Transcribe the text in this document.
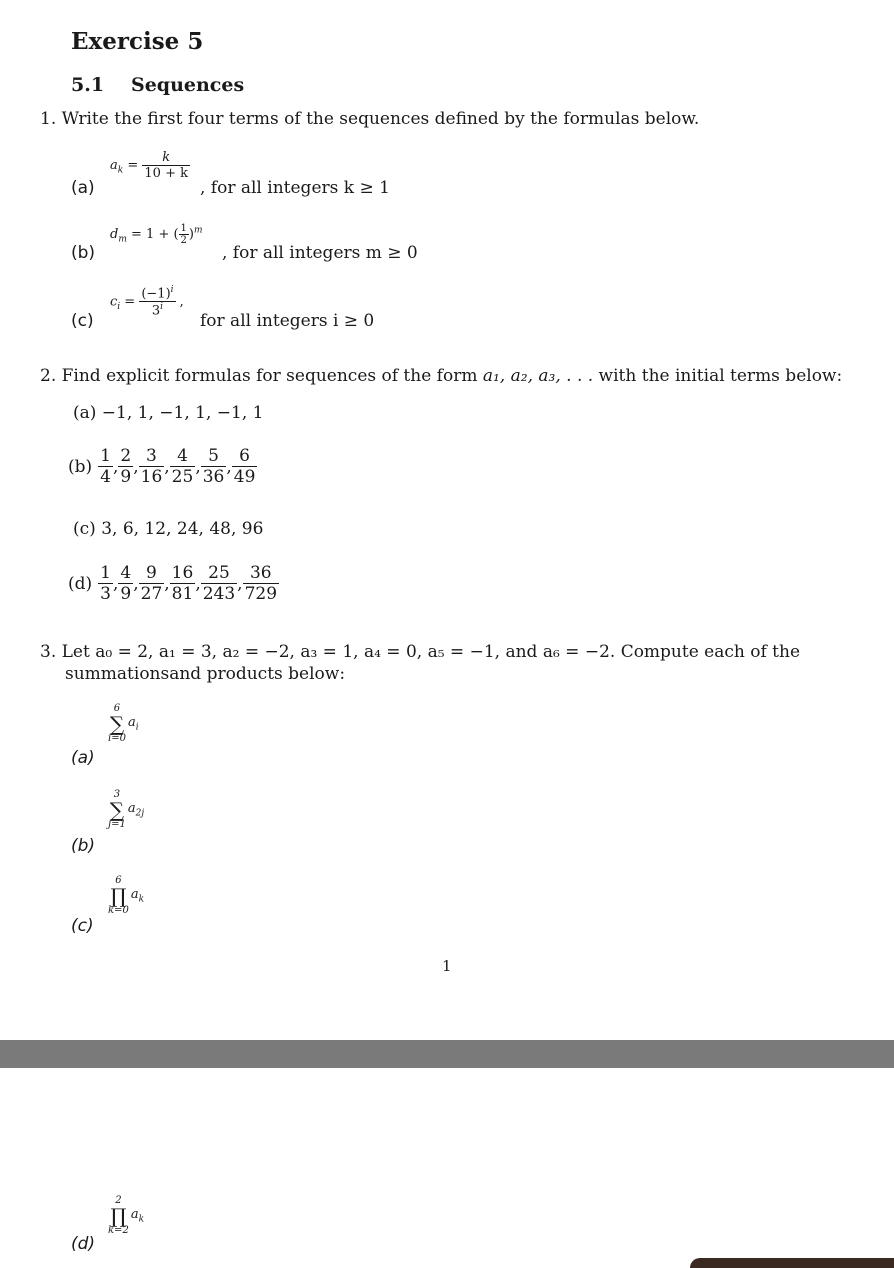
Exercise 5
5.1 Sequences
1. Write the first four terms of the sequences defined by the formulas below.
(a)
$a_k = \frac{k}{10 + k}$
, for all integers k ≥ 1
(b)
$d_m = 1$ + ( $\frac{1}{2} )^m$
, for all integers m ≥ 0
(c)
$c_i = \frac{(-1)^i}{3^i}$ ,
for all integers i ≥ 0
2. Find explicit formulas for sequences of the form a₁, a₂, a₃, . . . with the initial terms below:
(a) −1, 1, −1, 1, −1, 1
$(b) \frac{1}{4}$ , $\frac{2}{9}$ , $\frac{3}{16}$ , $\frac{4}{25}$ , $\frac{5}{36}$ , $\frac{6}{49}$
(c) 3, 6, 12, 24, 48, 96
$(d) \frac{1}{3}$ , $\frac{4}{9}$ , $\frac{9}{27}$ , $\frac{16}{81}$ , $\frac{25}{243}$ , $\frac{36}{729}$
3. Let a₀ = 2, a₁ = 3, a₂ = −2, a₃ = 1, a₄ = 0, a₅ = −1, and a₆ = −2. Compute each of the
summationsand products below:
(a)
6
∑
i=0
$a_i$
(b)
3
∑
j=1
$a_{2j}$
(c)
6
∏
k=0
$a_k$
1
(d)
2
∏
k=2
$a_k$
